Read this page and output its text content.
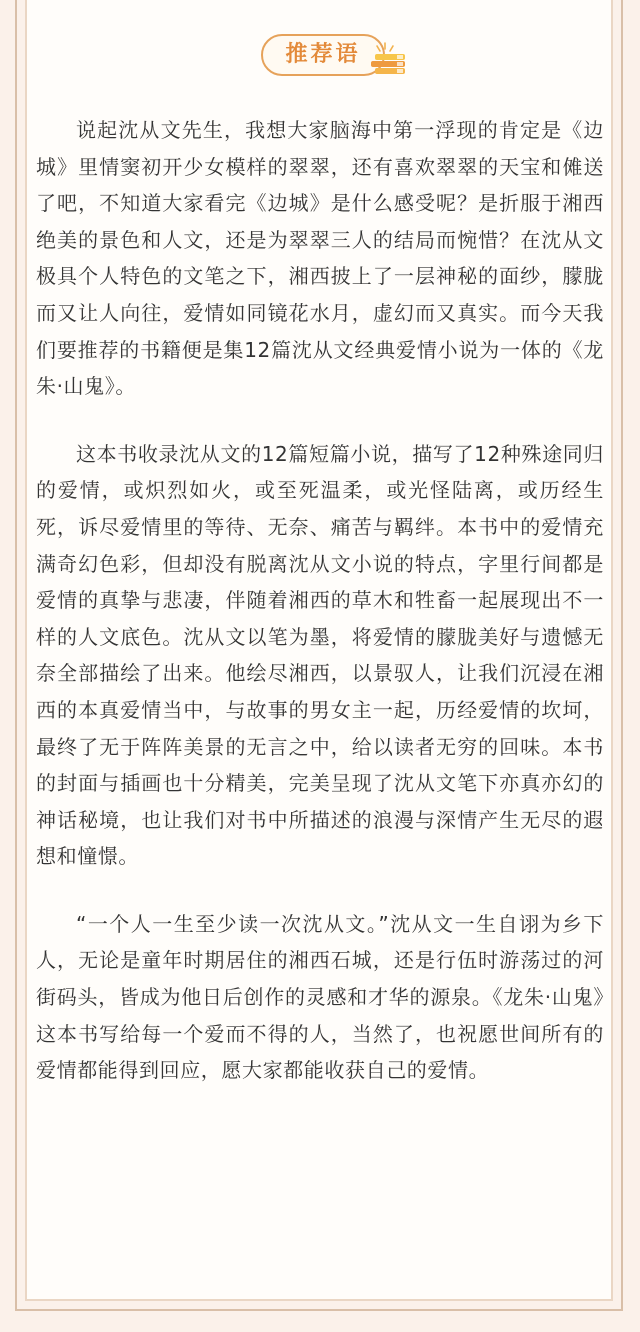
推荐语

说起沈从文先生，我想大家脑海中第一浮现的肯定是《边城》里情窦初开少女模样的翠翠，还有喜欢翠翠的天宝和傩送了吧，不知道大家看完《边城》是什么感受呢？是折服于湘西绝美的景色和人文，还是为翠翠三人的结局而惋惜？在沈从文极具个人特色的文笔之下，湘西披上了一层神秘的面纱，朦胧而又让人向往，爱情如同镜花水月，虚幻而又真实。而今天我们要推荐的书籍便是集12篇沈从文经典爱情小说为一体的《龙朱·山鬼》。

这本书收录沈从文的12篇短篇小说，描写了12种殊途同归的爱情，或炽烈如火，或至死温柔，或光怪陆离，或历经生死，诉尽爱情里的等待、无奈、痛苦与羁绊。本书中的爱情充满奇幻色彩，但却没有脱离沈从文小说的特点，字里行间都是爱情的真挚与悲凄，伴随着湘西的草木和牲畜一起展现出不一样的人文底色。沈从文以笔为墨，将爱情的朦胧美好与遗憾无奈全部描绘了出来。他绘尽湘西，以景驭人，让我们沉浸在湘西的本真爱情当中，与故事的男女主一起，历经爱情的坎坷，最终了无于阵阵美景的无言之中，给以读者无穷的回味。本书的封面与插画也十分精美，完美呈现了沈从文笔下亦真亦幻的神话秘境，也让我们对书中所描述的浪漫与深情产生无尽的遐想和憧憬。

“一个人一生至少读一次沈从文。”沈从文一生自诩为乡下人，无论是童年时期居住的湘西石城，还是行伍时游荡过的河街码头，皆成为他日后创作的灵感和才华的源泉。《龙朱·山鬼》这本书写给每一个爱而不得的人，当然了，也祝愿世间所有的爱情都能得到回应，愿大家都能收获自己的爱情。
